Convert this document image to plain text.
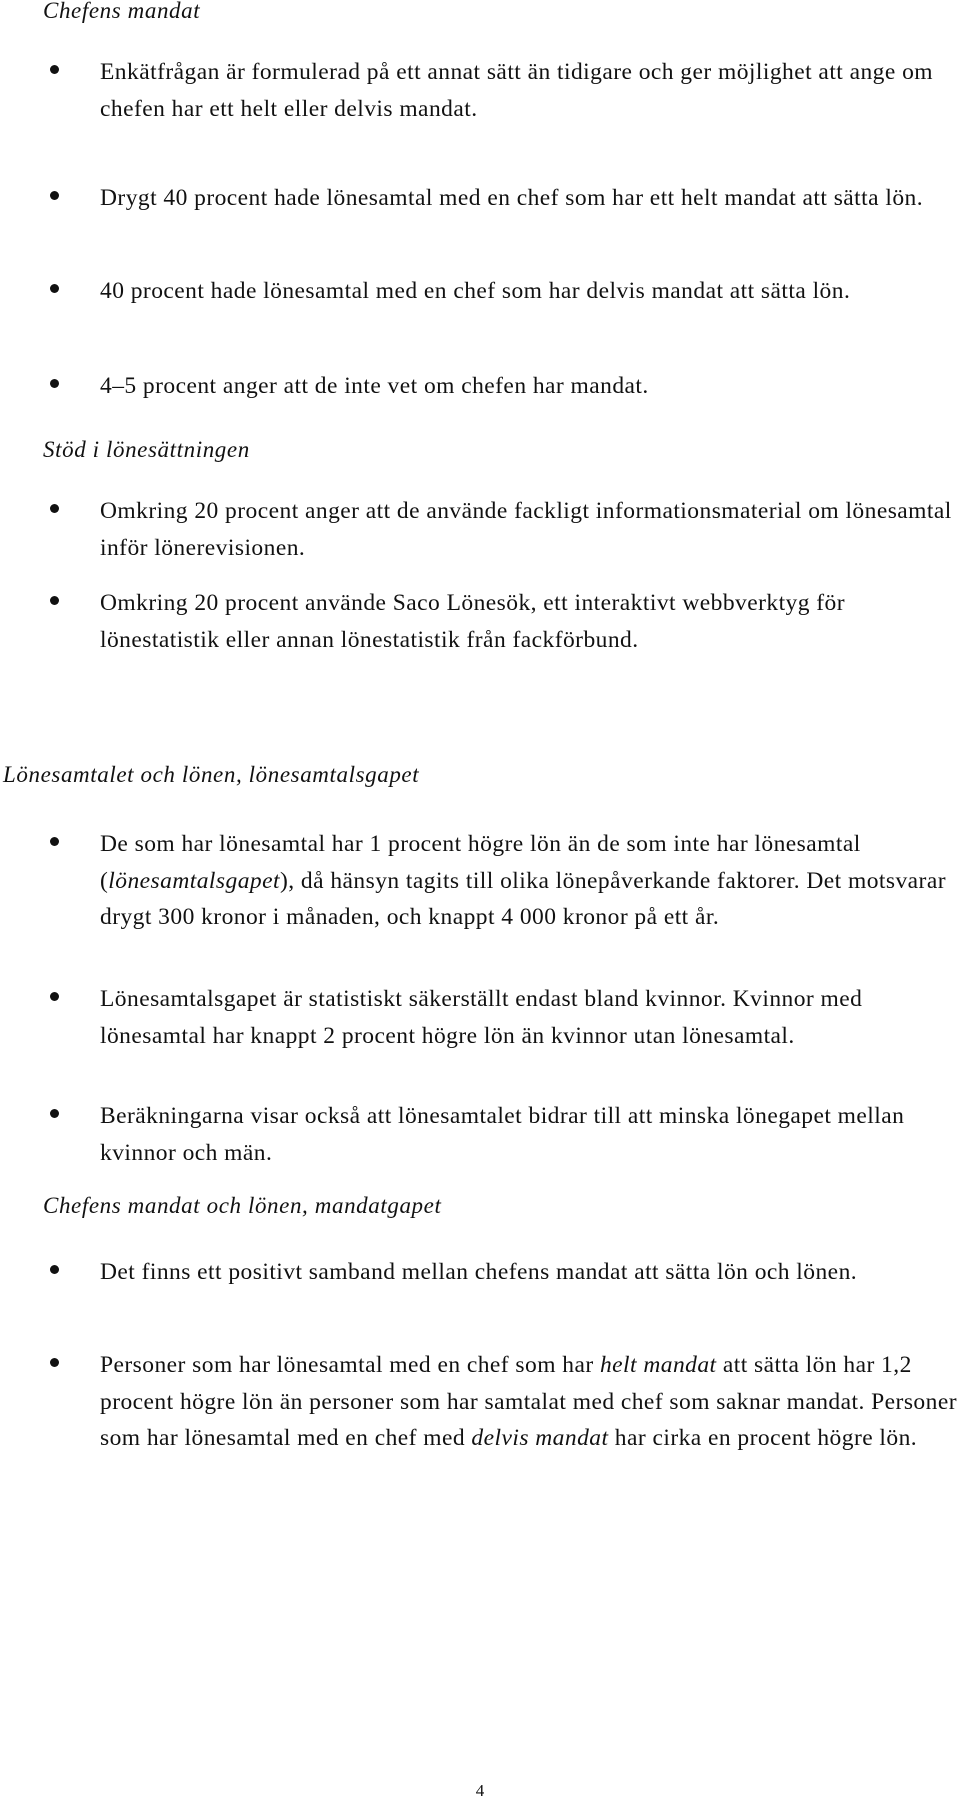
Chefens mandat
Enkätfrågan är formulerad på ett annat sätt än tidigare och ger möjlighet att ange om chefen har ett helt eller delvis mandat.
Drygt 40 procent hade lönesamtal med en chef som har ett helt mandat att sätta lön.
40 procent hade lönesamtal med en chef som har delvis mandat att sätta lön.
4–5 procent anger att de inte vet om chefen har mandat.
Stöd i lönesättningen
Omkring 20 procent anger att de använde fackligt informationsmaterial om lönesamtal inför lönerevisionen.
Omkring 20 procent använde Saco Lönesök, ett interaktivt webbverktyg för lönestatistik eller annan lönestatistik från fackförbund.
Lönesamtalet och lönen, lönesamtalsgapet
De som har lönesamtal har 1 procent högre lön än de som inte har lönesamtal (lönesamtalsgapet), då hänsyn tagits till olika lönepåverkande faktorer. Det motsvarar drygt 300 kronor i månaden, och knappt 4 000 kronor på ett år.
Lönesamtalsgapet är statistiskt säkerställt endast bland kvinnor. Kvinnor med lönesamtal har knappt 2 procent högre lön än kvinnor utan lönesamtal.
Beräkningarna visar också att lönesamtalet bidrar till att minska lönegapet mellan kvinnor och män.
Chefens mandat och lönen, mandatgapet
Det finns ett positivt samband mellan chefens mandat att sätta lön och lönen.
Personer som har lönesamtal med en chef som har helt mandat att sätta lön har 1,2 procent högre lön än personer som har samtalat med chef som saknar mandat. Personer som har lönesamtal med en chef med delvis mandat har cirka en procent högre lön.
4
